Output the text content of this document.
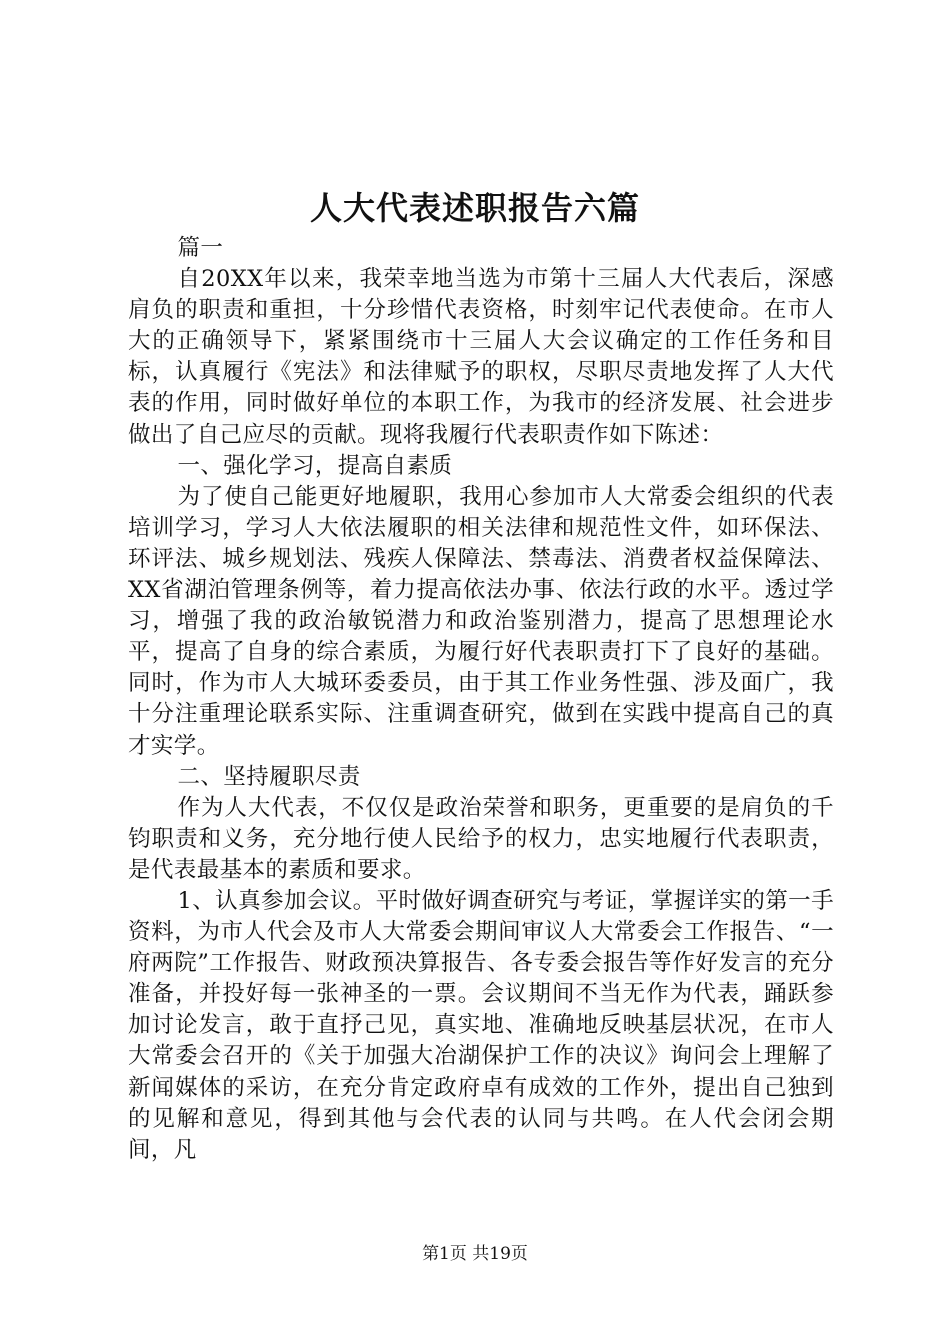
人大代表述职报告六篇

篇一

自20XX年以来，我荣幸地当选为市第十三届人大代表后，深感肩负的职责和重担，十分珍惜代表资格，时刻牢记代表使命。在市人大的正确领导下，紧紧围绕市十三届人大会议确定的工作任务和目标，认真履行《宪法》和法律赋予的职权，尽职尽责地发挥了人大代表的作用，同时做好单位的本职工作，为我市的经济发展、社会进步做出了自己应尽的贡献。现将我履行代表职责作如下陈述：

一、强化学习，提高自素质

为了使自己能更好地履职，我用心参加市人大常委会组织的代表培训学习，学习人大依法履职的相关法律和规范性文件，如环保法、环评法、城乡规划法、残疾人保障法、禁毒法、消费者权益保障法、XX省湖泊管理条例等，着力提高依法办事、依法行政的水平。透过学习，增强了我的政治敏锐潜力和政治鉴别潜力，提高了思想理论水平，提高了自身的综合素质，为履行好代表职责打下了良好的基础。同时，作为市人大城环委委员，由于其工作业务性强、涉及面广，我十分注重理论联系实际、注重调查研究，做到在实践中提高自己的真才实学。

二、坚持履职尽责

作为人大代表，不仅仅是政治荣誉和职务，更重要的是肩负的千钧职责和义务，充分地行使人民给予的权力，忠实地履行代表职责，是代表最基本的素质和要求。

1、认真参加会议。平时做好调查研究与考证，掌握详实的第一手资料，为市人代会及市人大常委会期间审议人大常委会工作报告、“一府两院”工作报告、财政预决算报告、各专委会报告等作好发言的充分准备，并投好每一张神圣的一票。会议期间不当无作为代表，踊跃参加讨论发言，敢于直抒己见，真实地、准确地反映基层状况，在市人大常委会召开的《关于加强大冶湖保护工作的决议》询问会上理解了新闻媒体的采访，在充分肯定政府卓有成效的工作外，提出自己独到的见解和意见，得到其他与会代表的认同与共鸣。在人代会闭会期间，凡

第1页 共19页
